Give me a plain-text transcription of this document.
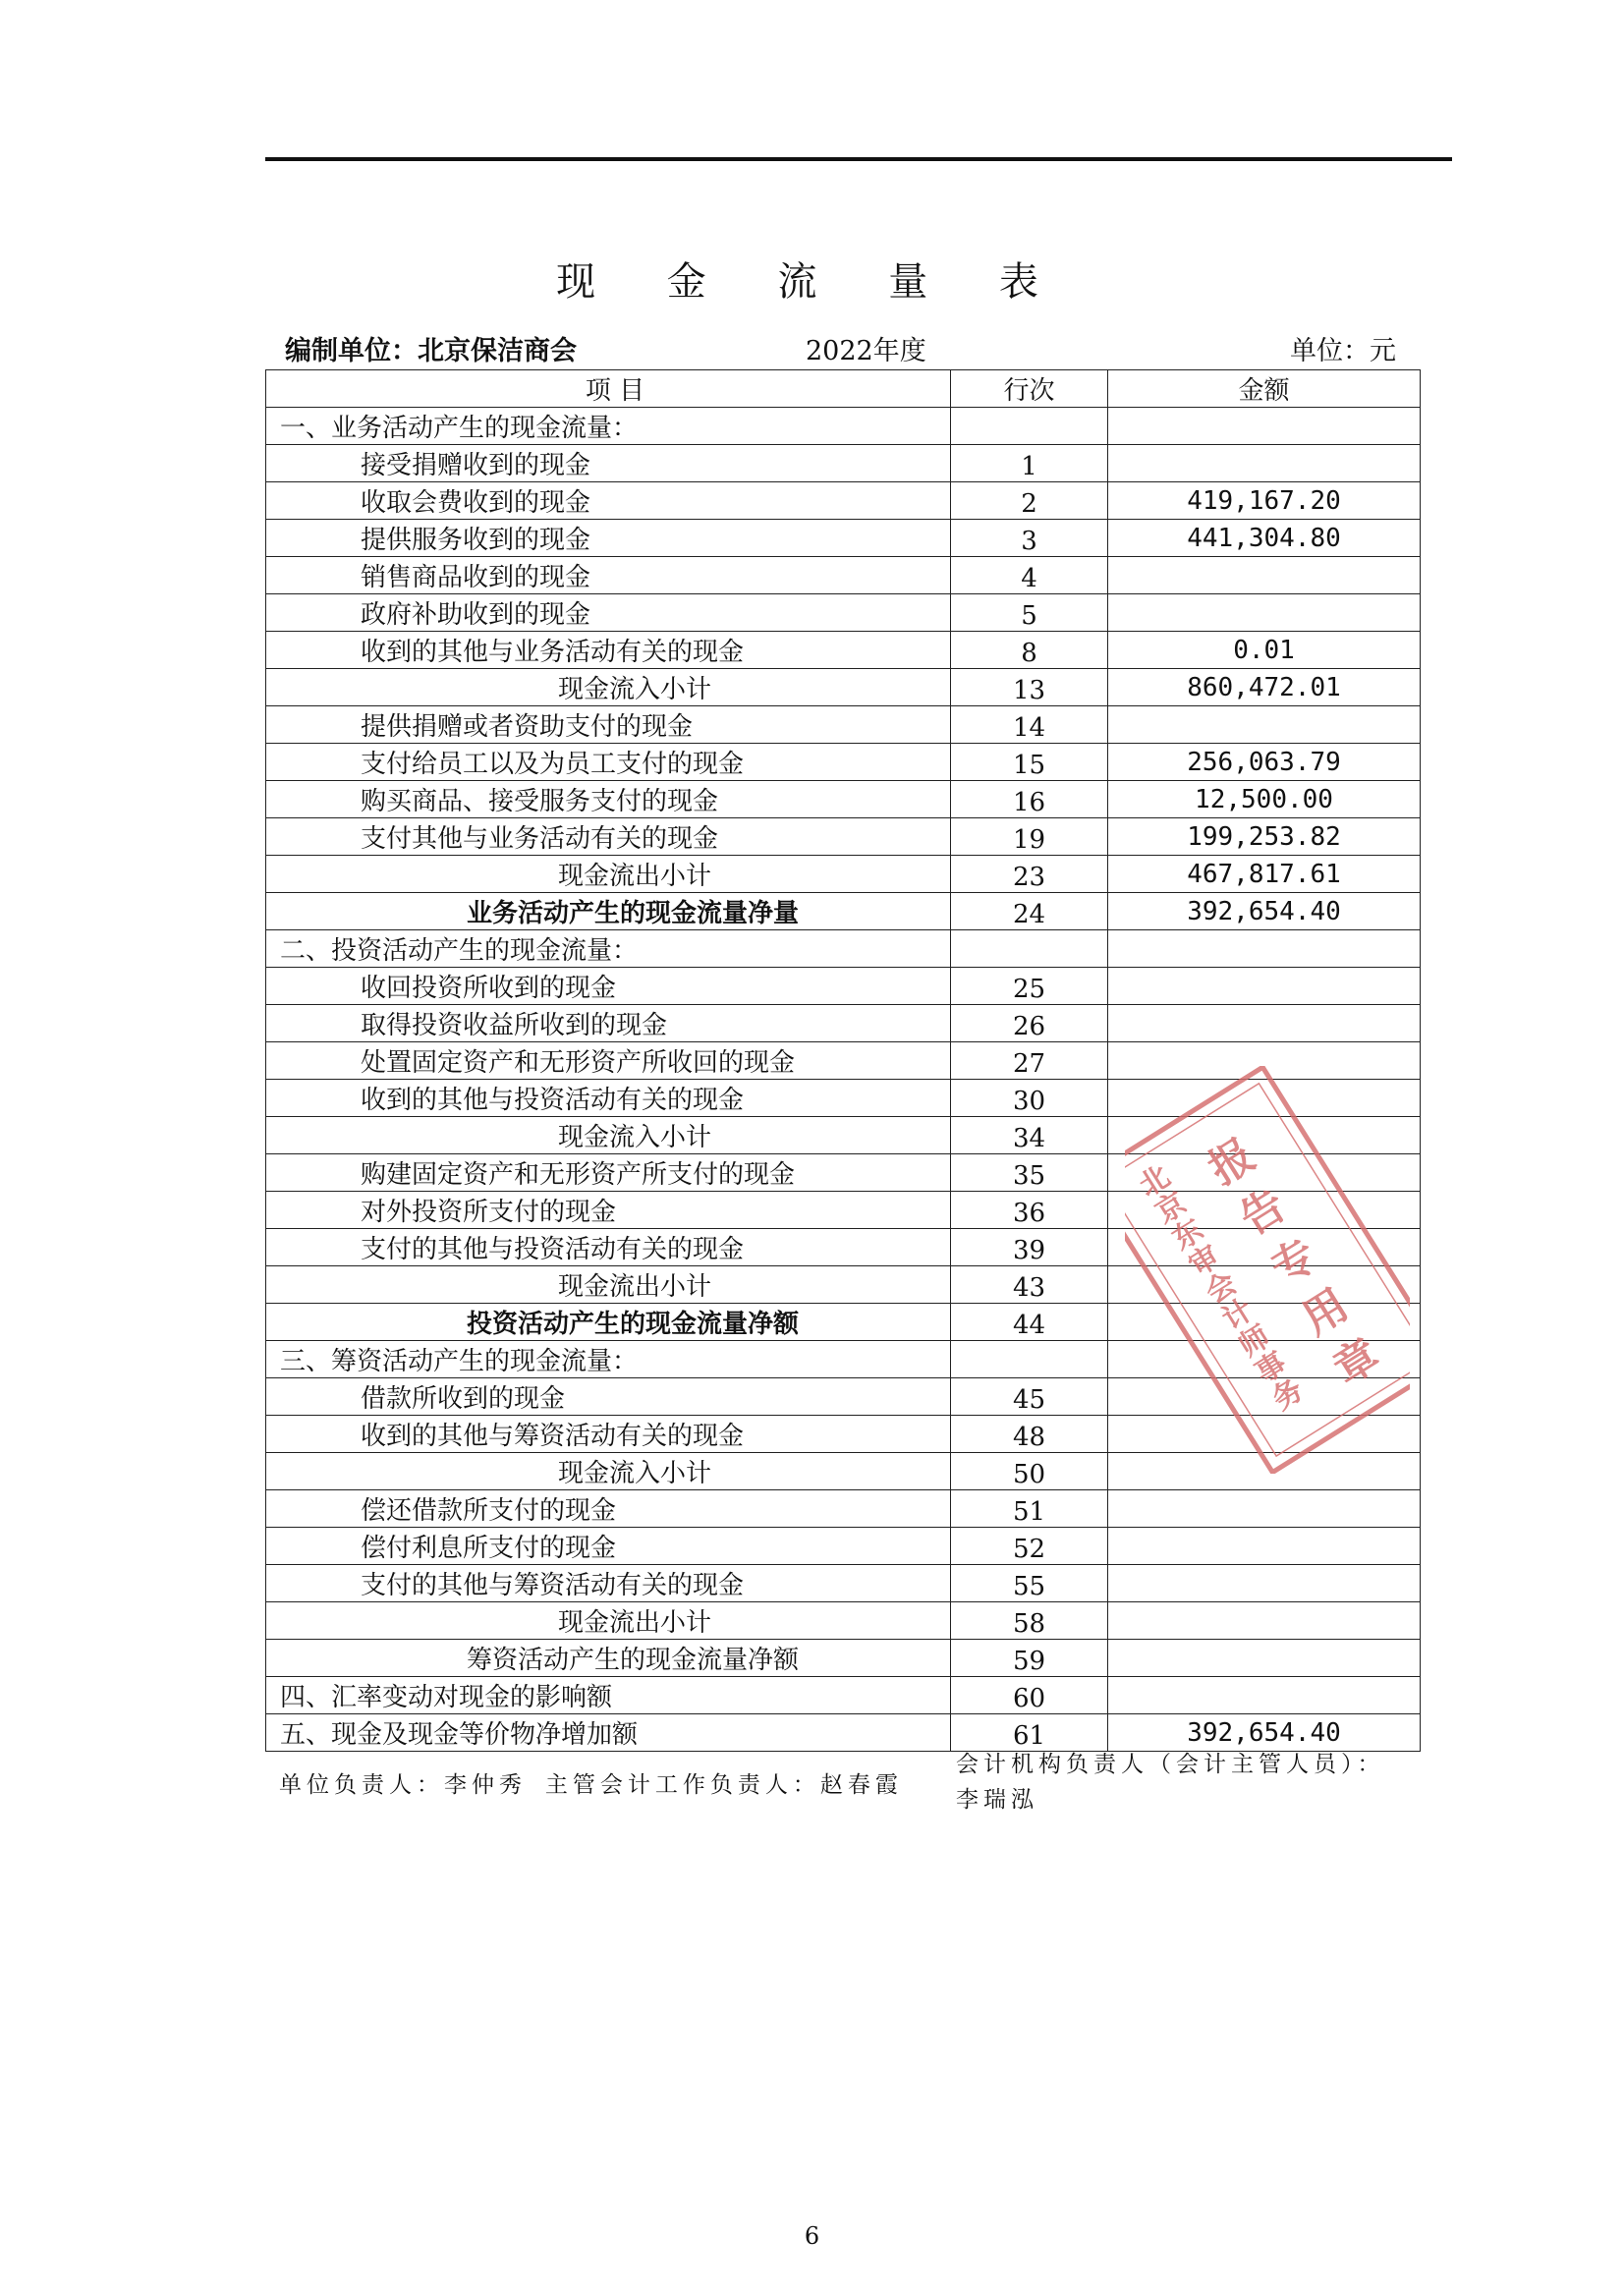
现 金 流 量 表
编制单位：北京保洁商会	2022年度	单位：元
项 目	行次	金额
一、业务活动产生的现金流量：		
接受捐赠收到的现金	1	
收取会费收到的现金	2	419,167.20
提供服务收到的现金	3	441,304.80
销售商品收到的现金	4	
政府补助收到的现金	5	
收到的其他与业务活动有关的现金	8	0.01
现金流入小计	13	860,472.01
提供捐赠或者资助支付的现金	14	
支付给员工以及为员工支付的现金	15	256,063.79
购买商品、接受服务支付的现金	16	12,500.00
支付其他与业务活动有关的现金	19	199,253.82
现金流出小计	23	467,817.61
业务活动产生的现金流量净量	24	392,654.40
二、投资活动产生的现金流量：		
收回投资所收到的现金	25	
取得投资收益所收到的现金	26	
处置固定资产和无形资产所收回的现金	27	
收到的其他与投资活动有关的现金	30	
现金流入小计	34	
购建固定资产和无形资产所支付的现金	35	
对外投资所支付的现金	36	
支付的其他与投资活动有关的现金	39	
现金流出小计	43	
投资活动产生的现金流量净额	44	
三、筹资活动产生的现金流量：		
借款所收到的现金	45	
收到的其他与筹资活动有关的现金	48	
现金流入小计	50	
偿还借款所支付的现金	51	
偿付利息所支付的现金	52	
支付的其他与筹资活动有关的现金	55	
现金流出小计	58	
筹资活动产生的现金流量净额	59	
四、汇率变动对现金的影响额	60	
五、现金及现金等价物净增加额	61	392,654.40
北
京
东
审
会
计
师
事
务
报
告
专
用
章
单位负责人：李仲秀 主管会计工作负责人：赵春霞
会计机构负责人（会计主管人员）：
李瑞泓
6
